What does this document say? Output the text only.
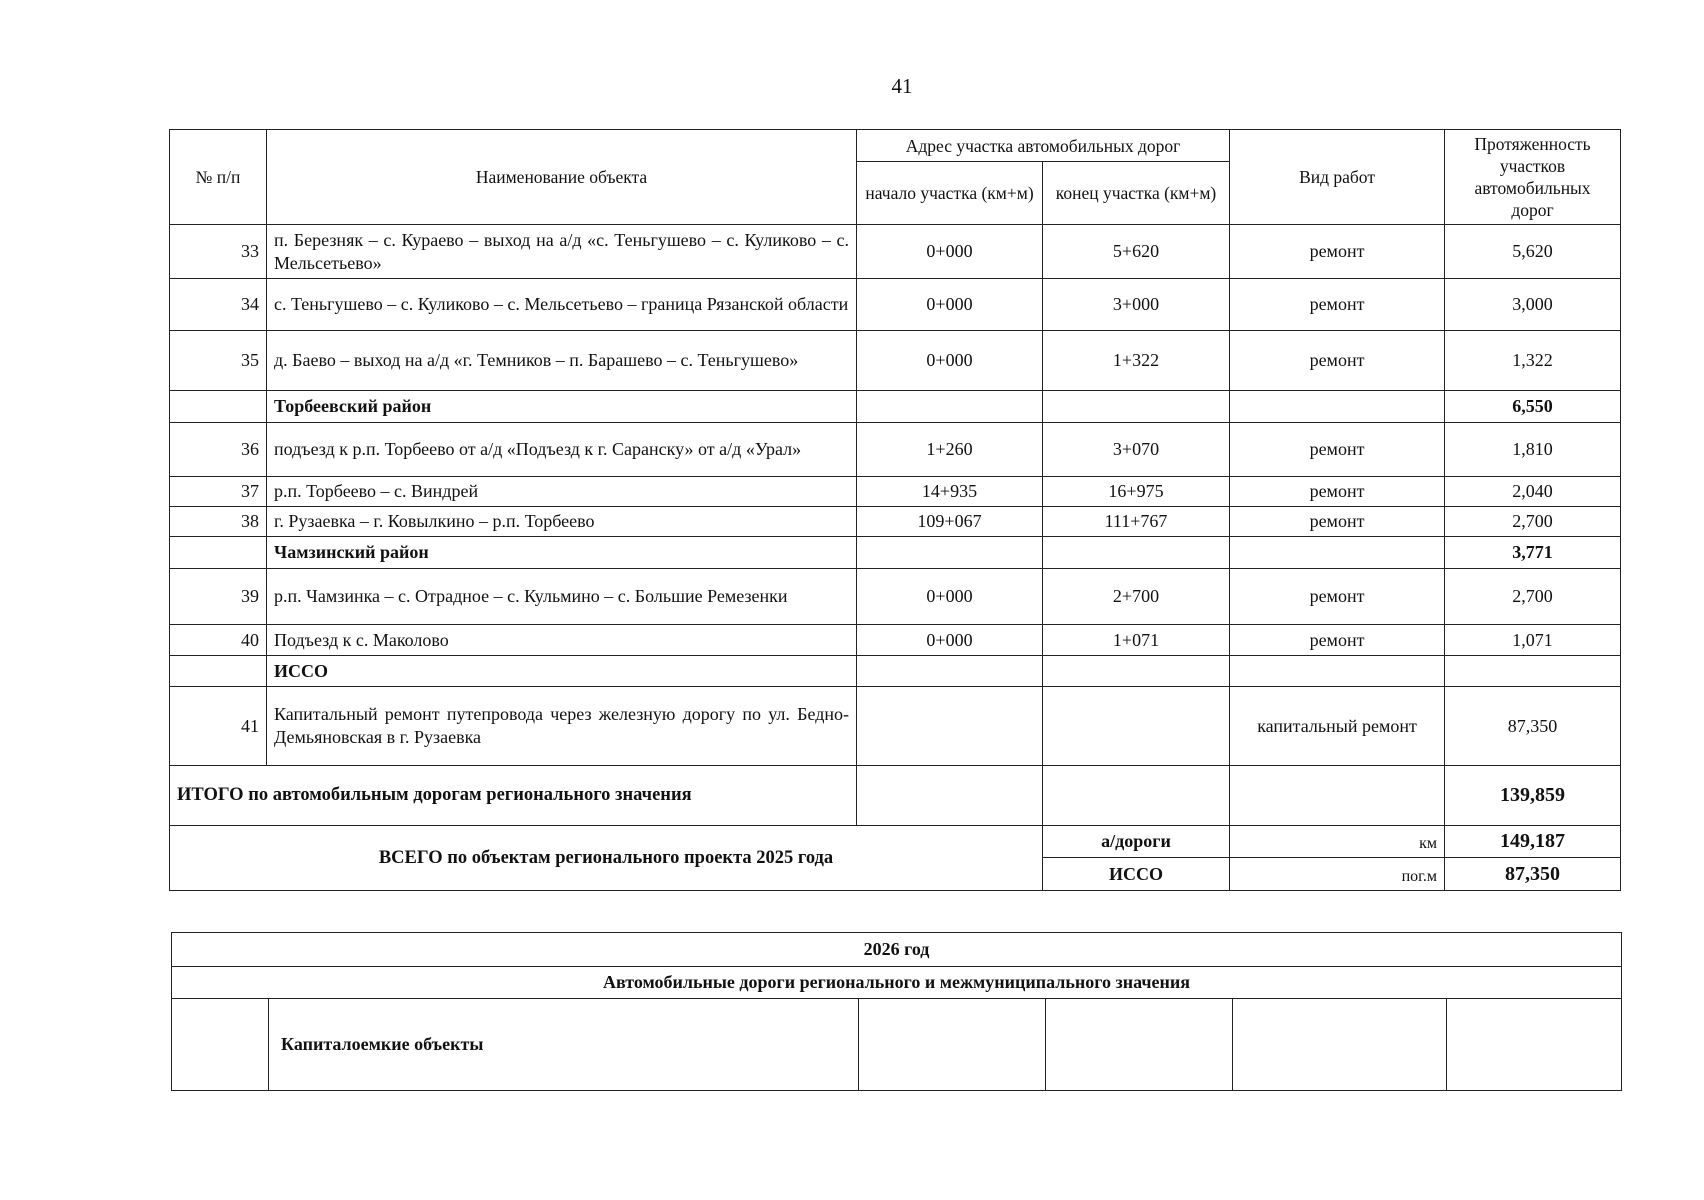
41
№ п/п	Наименование объекта	Адрес участка автомобильных дорог		Вид работ	Протяженность участков автомобильных дорог
		начало участка (км+м)	конец участка (км+м)		
33	п. Березняк – с. Кураево – выход на а/д «с. Теньгушево – с. Куликово – с. Мельсетьево»	0+000	5+620	ремонт	5,620
34	с. Теньгушево – с. Куликово – с. Мельсетьево – граница Рязанской области	0+000	3+000	ремонт	3,000
35	д. Баево – выход на а/д «г. Темников – п. Барашево – с. Теньгушево»	0+000	1+322	ремонт	1,322
	Торбеевский район				6,550
36	подъезд к р.п. Торбеево от а/д «Подъезд к г. Саранску» от а/д «Урал»	1+260	3+070	ремонт	1,810
37	р.п. Торбеево – с. Виндрей	14+935	16+975	ремонт	2,040
38	г. Рузаевка – г. Ковылкино – р.п. Торбеево	109+067	111+767	ремонт	2,700
	Чамзинский район				3,771
39	р.п. Чамзинка – с. Отрадное – с. Кульмино – с. Большие Ремезенки	0+000	2+700	ремонт	2,700
40	Подъезд к с. Маколово	0+000	1+071	ремонт	1,071
	ИССО				
41	Капитальный ремонт путепровода через железную дорогу по ул. Бедно-Демьяновская в г. Рузаевка			капитальный ремонт	87,350
ИТОГО по автомобильным дорогам регионального значения					139,859
ВСЕГО по объектам регионального проекта 2025 года			а/дороги	км	149,187
			ИССО	пог.м	87,350
2026 год
Автомобильные дороги регионального и межмуниципального значения
	Капиталоемкие объекты				
